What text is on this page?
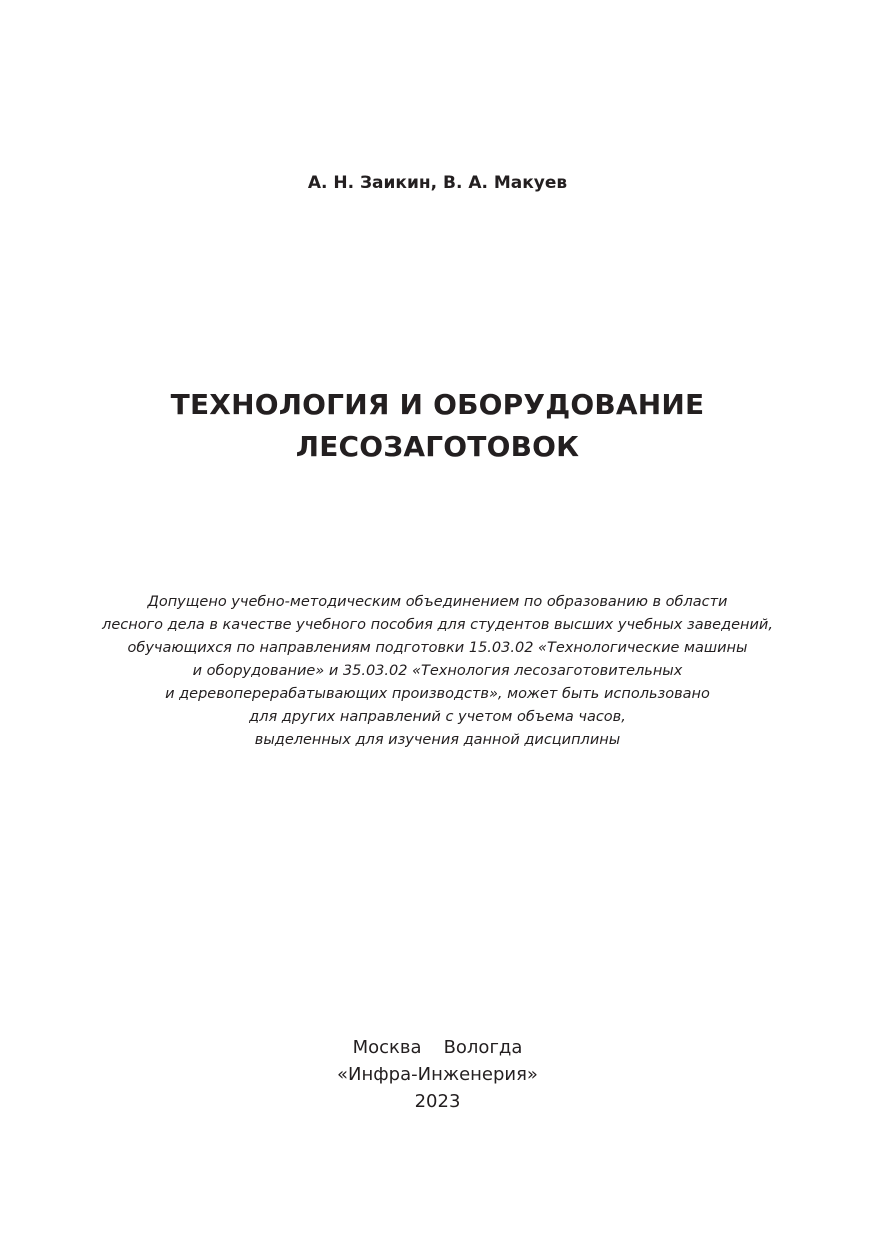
А. Н. Заикин, В. А. Макуев
ТЕХНОЛОГИЯ И ОБОРУДОВАНИЕ
ЛЕСОЗАГОТОВОК
Допущено учебно-методическим объединением по образованию в области
лесного дела в качестве учебного пособия для студентов высших учебных заведений,
обучающихся по направлениям подготовки 15.03.02 «Технологические машины
и оборудование» и 35.03.02 «Технология лесозаготовительных
и деревоперерабатывающих производств», может быть использовано
для других направлений с учетом объема часов,
выделенных для изучения данной дисциплины
Москва Вологда
«Инфра-Инженерия»
2023
